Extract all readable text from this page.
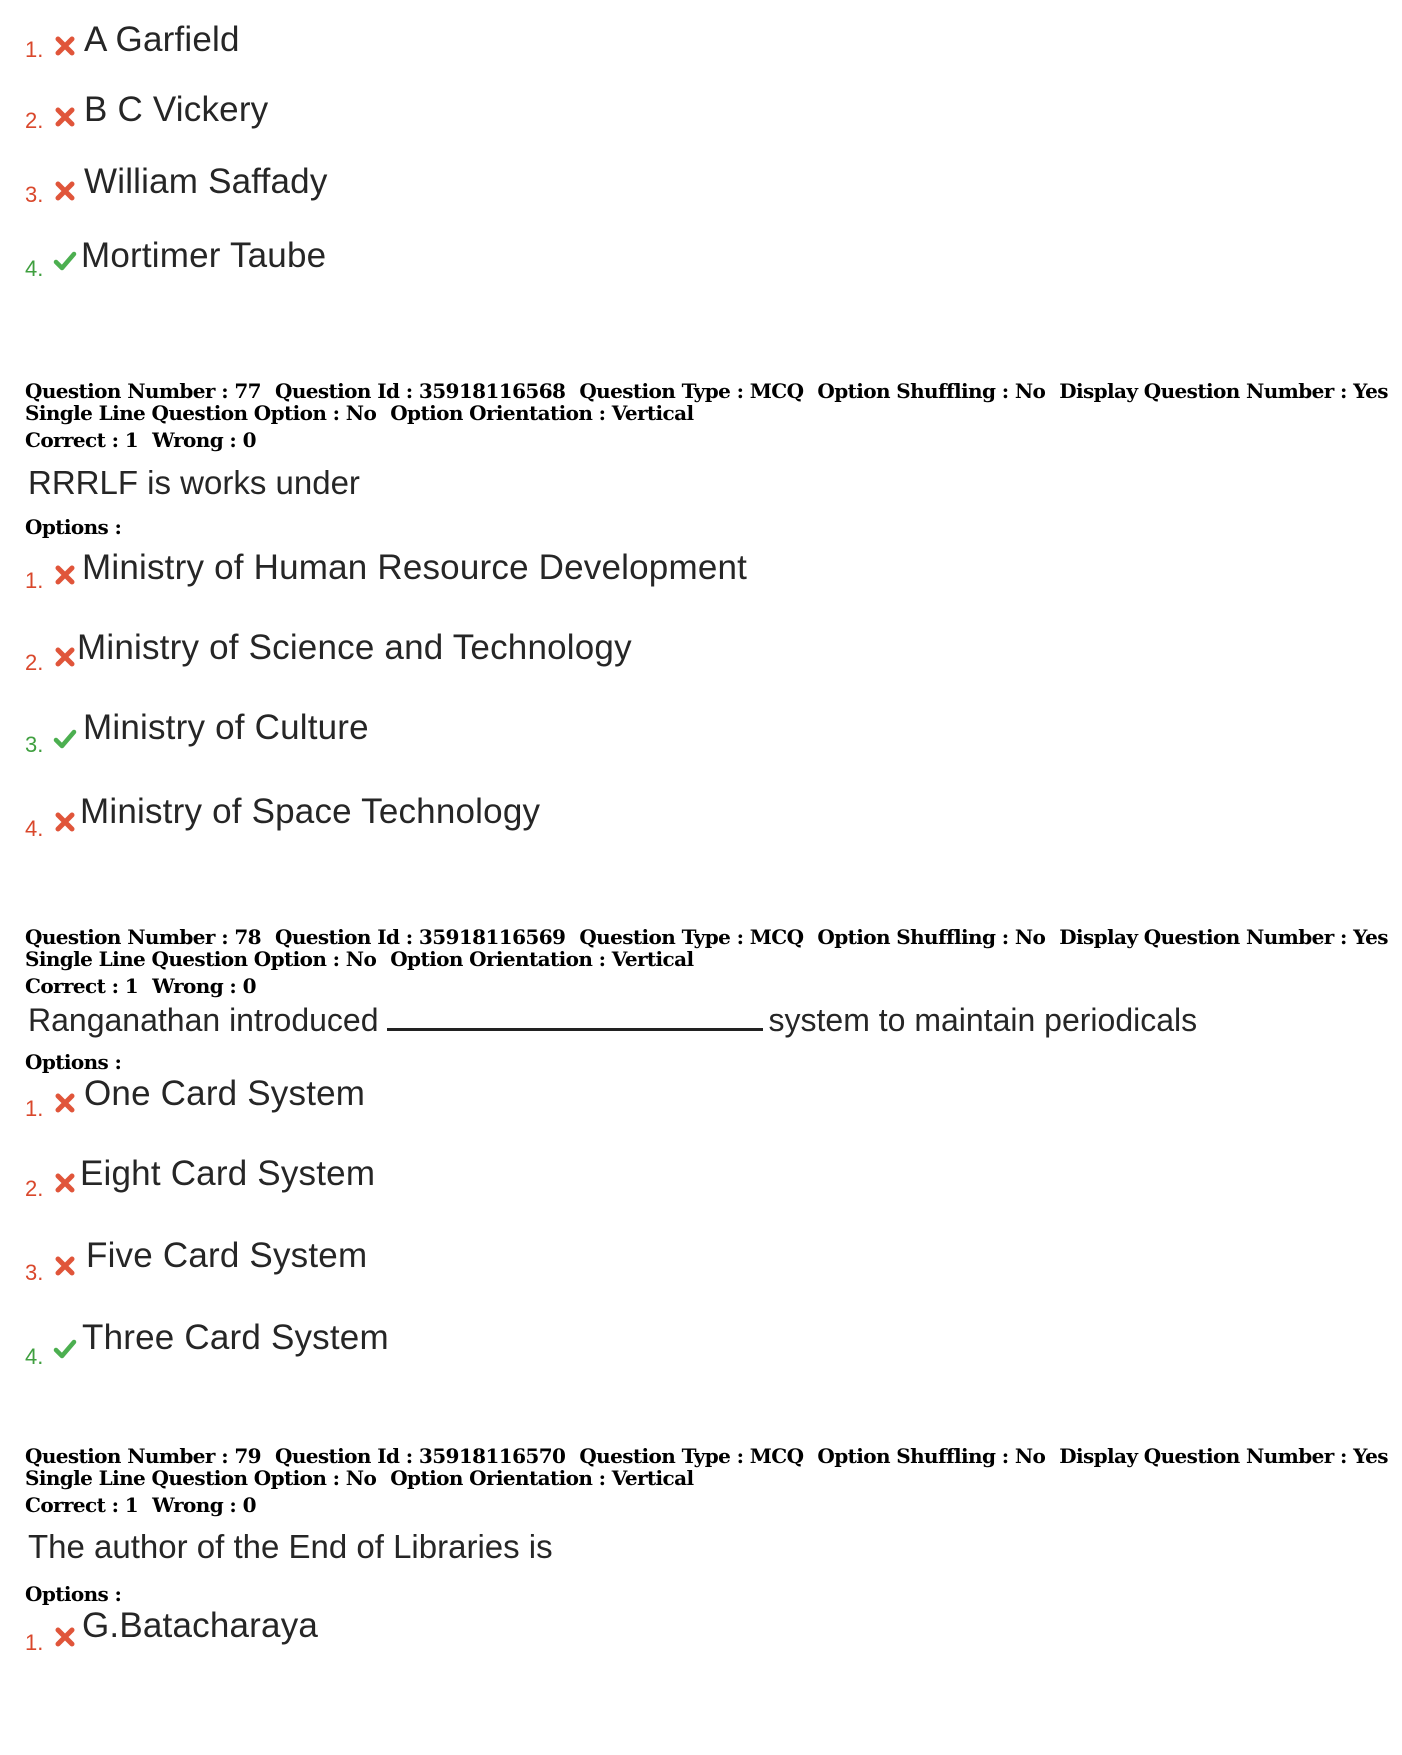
1. A Garfield
2. B C Vickery
3. William Saffady
4. Mortimer Taube
Question Number : 77 Question Id : 35918116568 Question Type : MCQ Option Shuffling : No Display Question Number : Yes
Single Line Question Option : No Option Orientation : Vertical
Correct : 1 Wrong : 0
RRRLF is works under
Options :
1. Ministry of Human Resource Development
2. Ministry of Science and Technology
3. Ministry of Culture
4. Ministry of Space Technology
Question Number : 78 Question Id : 35918116569 Question Type : MCQ Option Shuffling : No Display Question Number : Yes
Single Line Question Option : No Option Orientation : Vertical
Correct : 1 Wrong : 0
Ranganathan introduced	system to maintain periodicals
Options :
1. One Card System
2. Eight Card System
3. Five Card System
4. Three Card System
Question Number : 79 Question Id : 35918116570 Question Type : MCQ Option Shuffling : No Display Question Number : Yes
Single Line Question Option : No Option Orientation : Vertical
Correct : 1 Wrong : 0
The author of the End of Libraries is
Options :
1. G.Batacharaya
